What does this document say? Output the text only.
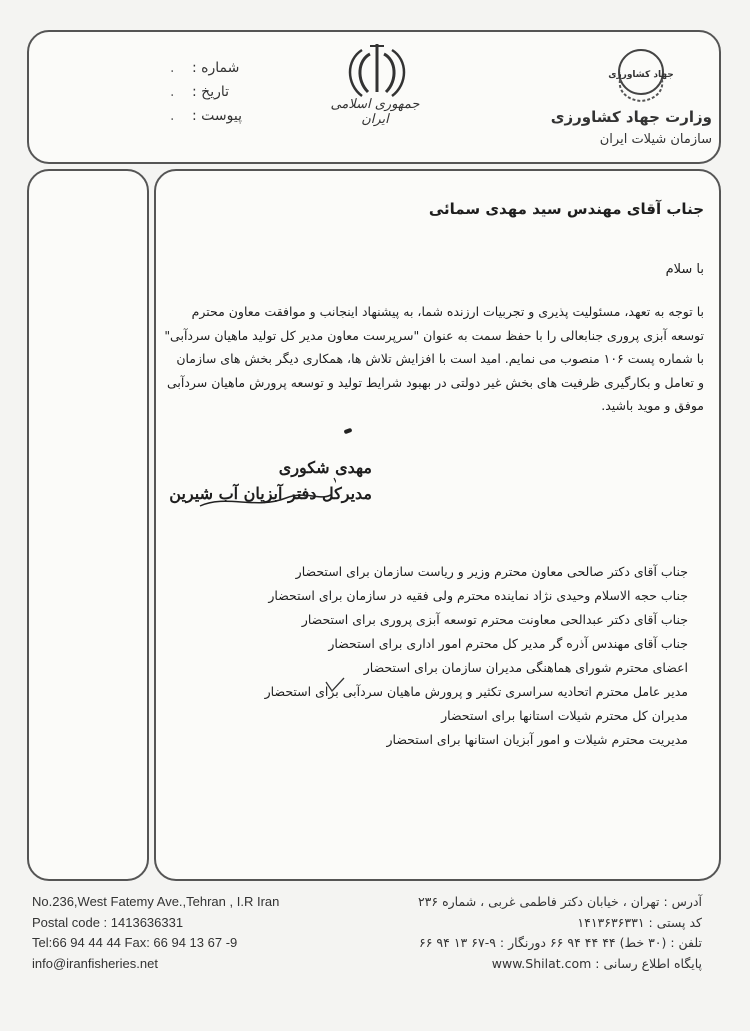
شماره :.
تاریخ :.
پیوست :.
جمهوری اسلامی ایران
جهاد کشاورزی
وزارت جهاد کشاورزی
سازمان شیلات ایران
جناب آقای مهندس سید مهدی سمائی
با سلام
با توجه به تعهد، مسئولیت پذیری و تجربیات ارزنده شما، به پیشنهاد اینجانب و موافقت معاون محترم
توسعه آبزی پروری جنابعالی را با حفظ سمت به عنوان "سرپرست معاون مدیر کل تولید ماهیان سردآبی"
با شماره پست ۱۰۶ منصوب می نمایم. امید است با افزایش تلاش ها، همکاری دیگر بخش های سازمان
و تعامل و بکارگیری ظرفیت های بخش غیر دولتی در بهبود شرایط تولید و توسعه پرورش ماهیان سردآبی
موفق و موید باشید.
مهدی شکوری
مدیرکل دفتر آبزیان آب شیرین
جناب آقای دکتر صالحی معاون محترم وزیر و ریاست سازمان برای استحضار
جناب حجه الاسلام وحیدی نژاد نماینده محترم ولی فقیه در سازمان برای استحضار
جناب آقای دکتر عبدالحی معاونت محترم توسعه آبزی پروری برای استحضار
جناب آقای مهندس آذره گر مدیر کل محترم امور اداری برای استحضار
اعضای محترم شورای هماهنگی مدیران سازمان برای استحضار
مدیر عامل محترم اتحادیه سراسری تکثیر و پرورش ماهیان سردآبی برای استحضار
مدیران کل محترم شیلات استانها برای استحضار
مدیریت محترم شیلات و امور آبزیان استانها برای استحضار
No.236,West Fatemy Ave.,Tehran , I.R Iran
Postal code : 1413636331
Tel:66 94 44 44 Fax: 66 94 13 67 -9
info@iranfisheries.net
آدرس : تهران ، خیابان دکتر فاطمی غربی ، شماره ۲۳۶
کد پستی : ۱۴۱۳۶۳۶۳۳۱
تلفن : (۳۰ خط) ۴۴ ۴۴ ۹۴ ۶۶ دورنگار : ۹-۶۷ ۱۳ ۹۴ ۶۶
پایگاه اطلاع رسانی : www.Shilat.com
